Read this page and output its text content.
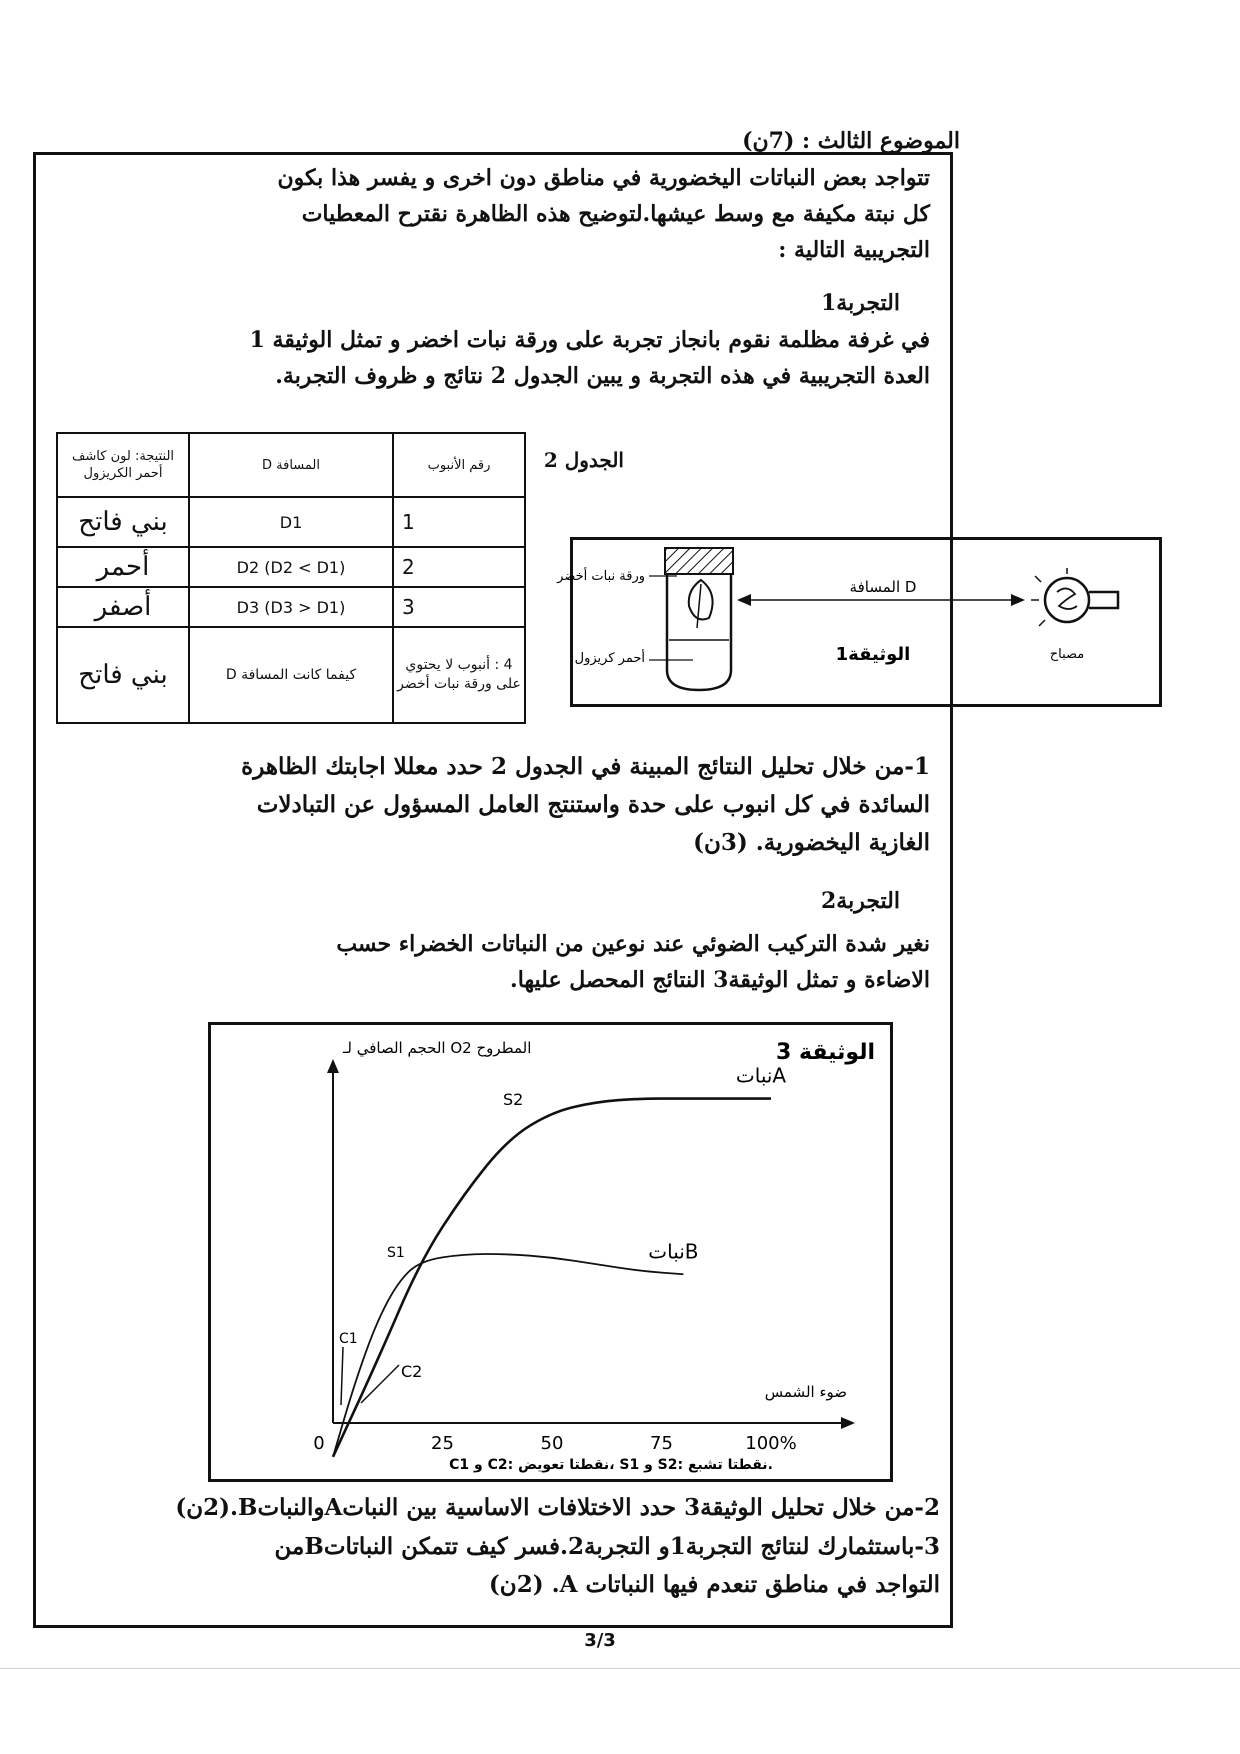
الموضوع الثالث : (7ن)
تتواجد بعض النباتات اليخضورية في مناطق دون اخرى و يفسر هذا بكون
كل نبتة مكيفة مع وسط عيشها.لتوضيح هذه الظاهرة نقترح المعطيات
التجريبية التالية :
التجربة1
في غرفة مظلمة نقوم بانجاز تجربة على ورقة نبات اخضر و تمثل الوثيقة 1
العدة التجريبية في هذه التجربة و يبين الجدول 2 نتائج و ظروف التجربة.
الجدول 2
رقم الأنبوب	المسافة D	النتيجة: لون كاشف أحمر الكريزول
1	D1	بني فاتح
2	D2 (D2 < D1)	أحمر
3	D3 (D3 > D1)	أصفر
4 : أنبوب لا يحتوي على ورقة نبات أخضر	كيفما كانت المسافة D	بني فاتح
ورقة نبات أخضر
أحمر كريزول
المسافة D
مصباح
الوثيقة1
1-من خلال تحليل النتائج المبينة في الجدول 2 حدد معللا اجابتك الظاهرة
السائدة في كل انبوب على حدة واستنتج العامل المسؤول عن التبادلات
الغازية اليخضورية. (3ن)
التجربة2
نغير شدة التركيب الضوئي عند نوعين من النباتات الخضراء حسب
الاضاءة و تمثل الوثيقة3 النتائج المحصل عليها.
الحجم الصافي لـ O2 المطروح
ضوء الشمس
الوثيقة 3
0	25	50	75	100%
نباتA
نباتB
S2
S1
C1
C2
C1 و C2: نقطتا تعويض، S1 و S2: نقطتا تشبع.
2-من خلال تحليل الوثيقة3 حدد الاختلافات الاساسية بين النباتAوالنباتB.(2ن)
3-باستثمارك لنتائج التجربة1و التجربة2.فسر كيف تتمكن النباتاتBمن
التواجد في مناطق تنعدم فيها النباتات A. (2ن)
3/3
